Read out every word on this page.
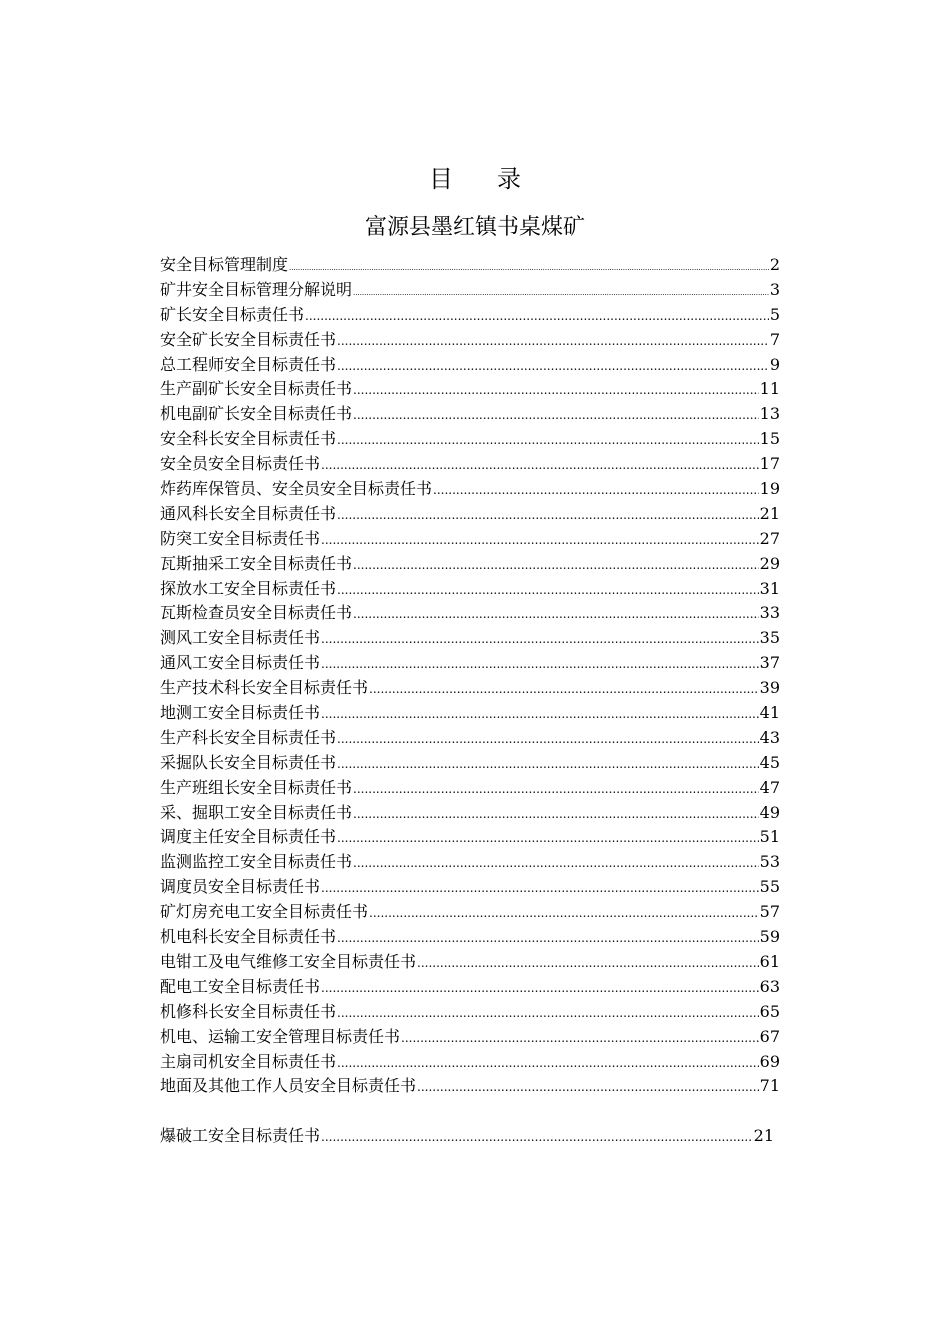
目 录
富源县墨红镇书桌煤矿
安全目标管理制度 .....	2
矿井安全目标管理分解说明 .....	3
矿长安全目标责任书 .....	5
安全矿长安全目标责任书 .....	7
总工程师安全目标责任书 .....	9
生产副矿长安全目标责任书 .....	11
机电副矿长安全目标责任书 .....	13
安全科长安全目标责任书 .....	15
安全员安全目标责任书 .....	17
炸药库保管员、安全员安全目标责任书 .....	19
通风科长安全目标责任书 .....	21
防突工安全目标责任书 .....	27
瓦斯抽采工安全目标责任书 .....	29
探放水工安全目标责任书 .....	31
瓦斯检查员安全目标责任书 .....	33
测风工安全目标责任书 .....	35
通风工安全目标责任书 .....	37
生产技术科长安全目标责任书 .....	39
地测工安全目标责任书 .....	41
生产科长安全目标责任书 .....	43
采掘队长安全目标责任书 .....	45
生产班组长安全目标责任书 .....	47
采、掘职工安全目标责任书 .....	49
调度主任安全目标责任书 .....	51
监测监控工安全目标责任书 .....	53
调度员安全目标责任书 .....	55
矿灯房充电工安全目标责任书 .....	57
机电科长安全目标责任书 .....	59
电钳工及电气维修工安全目标责任书 .....	61
配电工安全目标责任书 .....	63
机修科长安全目标责任书 .....	65
机电、运输工安全管理目标责任书 .....	67
主扇司机安全目标责任书 .....	69
地面及其他工作人员安全目标责任书 .....	71
爆破工安全目标责任书 .....	21
